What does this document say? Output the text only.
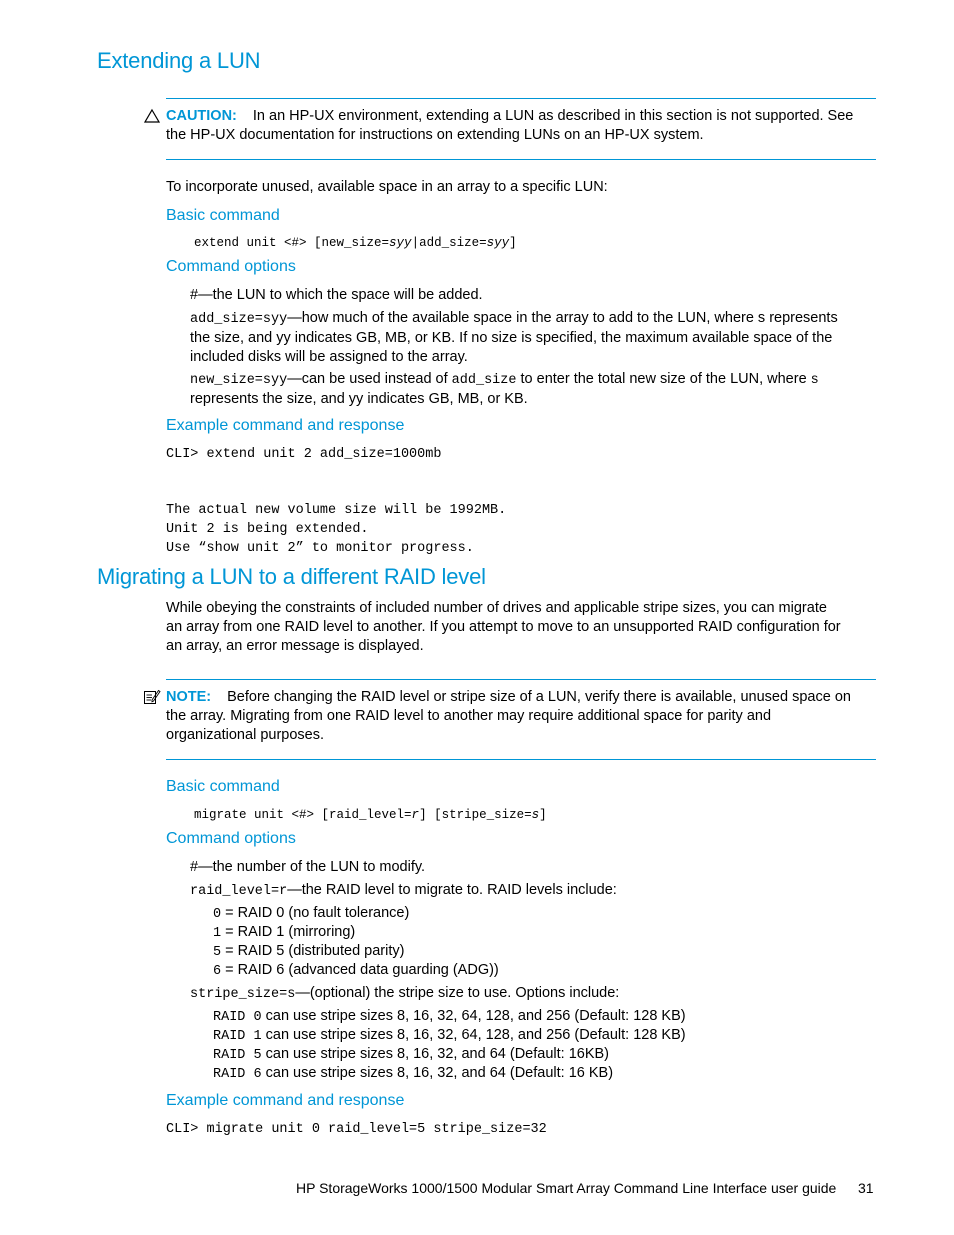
Extending a LUN
CAUTION: In an HP-UX environment, extending a LUN as described in this section is not supported. See
the HP-UX documentation for instructions on extending LUNs on an HP-UX system.
To incorporate unused, available space in an array to a specific LUN:
Basic command
extend unit <#> [new_size=syy|add_size=syy]
Command options
#—the LUN to which the space will be added.
add_size=syy—how much of the available space in the array to add to the LUN, where s represents
the size, and yy indicates GB, MB, or KB. If no size is specified, the maximum available space of the
included disks will be assigned to the array.
new_size=syy—can be used instead of add_size to enter the total new size of the LUN, where s
represents the size, and yy indicates GB, MB, or KB.
Example command and response
CLI> extend unit 2 add_size=1000mb
The actual new volume size will be 1992MB.
Unit 2 is being extended.
Use “show unit 2” to monitor progress.
Migrating a LUN to a different RAID level
While obeying the constraints of included number of drives and applicable stripe sizes, you can migrate
an array from one RAID level to another. If you attempt to move to an unsupported RAID configuration for
an array, an error message is displayed.
NOTE: Before changing the RAID level or stripe size of a LUN, verify there is available, unused space on
the array. Migrating from one RAID level to another may require additional space for parity and
organizational purposes.
Basic command
migrate unit <#> [raid_level=r] [stripe_size=s]
Command options
#—the number of the LUN to modify.
raid_level=r—the RAID level to migrate to. RAID levels include:
0 = RAID 0 (no fault tolerance)
1 = RAID 1 (mirroring)
5 = RAID 5 (distributed parity)
6 = RAID 6 (advanced data guarding (ADG))
stripe_size=s—(optional) the stripe size to use. Options include:
RAID 0 can use stripe sizes 8, 16, 32, 64, 128, and 256 (Default: 128 KB)
RAID 1 can use stripe sizes 8, 16, 32, 64, 128, and 256 (Default: 128 KB)
RAID 5 can use stripe sizes 8, 16, 32, and 64 (Default: 16KB)
RAID 6 can use stripe sizes 8, 16, 32, and 64 (Default: 16 KB)
Example command and response
CLI> migrate unit 0 raid_level=5 stripe_size=32
HP StorageWorks 1000/1500 Modular Smart Array Command Line Interface user guide 31
